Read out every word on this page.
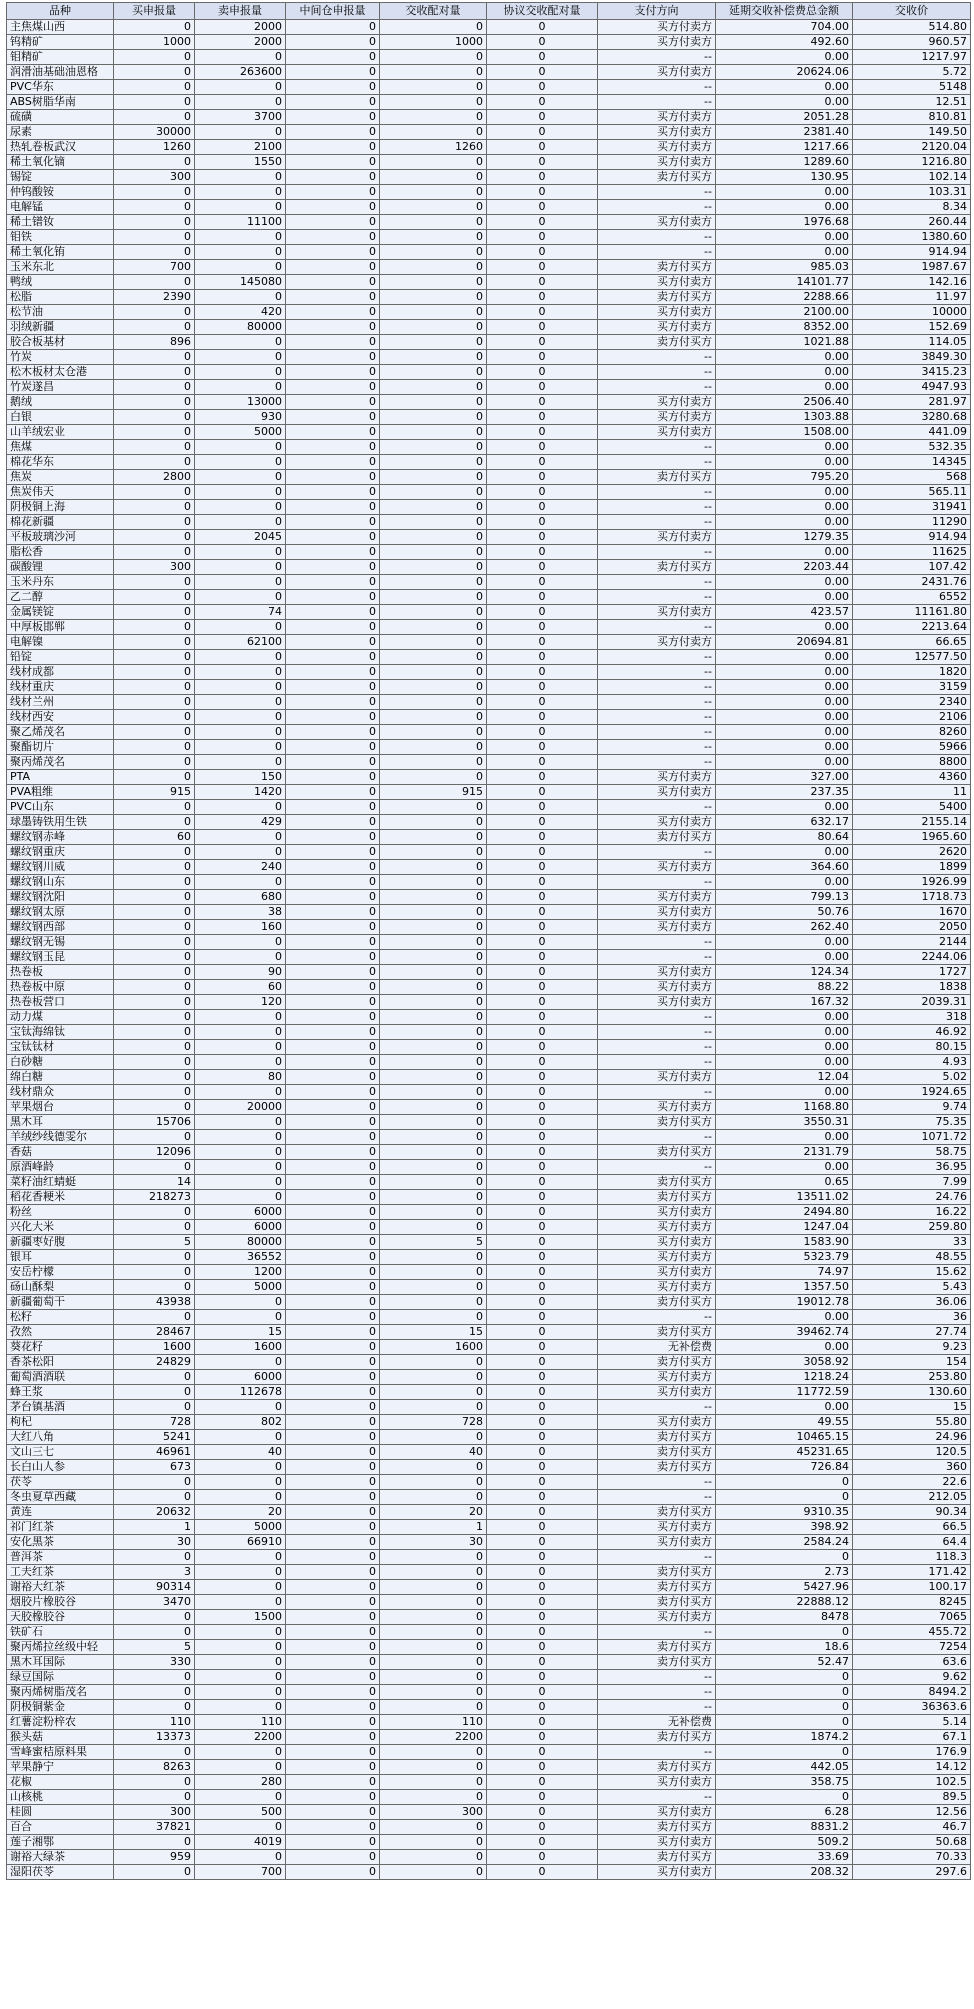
品种	买申报量	卖申报量	中间仓申报量	交收配对量	协议交收配对量	支付方向	延期交收补偿费总金额	交收价
主焦煤山西	0	2000	0	0	0	买方付卖方	704.00	514.80
钨精矿	1000	2000	0	1000	0	买方付卖方	492.60	960.57
钼精矿	0	0	0	0	0	--	0.00	1217.97
润滑油基础油恩格	0	263600	0	0	0	买方付卖方	20624.06	5.72
PVC华东	0	0	0	0	0	--	0.00	5148
ABS树脂华南	0	0	0	0	0	--	0.00	12.51
硫磺	0	3700	0	0	0	买方付卖方	2051.28	810.81
尿素	30000	0	0	0	0	买方付卖方	2381.40	149.50
热轧卷板武汉	1260	2100	0	1260	0	买方付卖方	1217.66	2120.04
稀土氧化镝	0	1550	0	0	0	买方付卖方	1289.60	1216.80
锡锭	300	0	0	0	0	卖方付买方	130.95	102.14
仲钨酸铵	0	0	0	0	0	--	0.00	103.31
电解锰	0	0	0	0	0	--	0.00	8.34
稀土镨钕	0	11100	0	0	0	买方付卖方	1976.68	260.44
钼铁	0	0	0	0	0	--	0.00	1380.60
稀土氧化铕	0	0	0	0	0	--	0.00	914.94
玉米东北	700	0	0	0	0	卖方付买方	985.03	1987.67
鸭绒	0	145080	0	0	0	买方付卖方	14101.77	142.16
松脂	2390	0	0	0	0	卖方付买方	2288.66	11.97
松节油	0	420	0	0	0	买方付卖方	2100.00	10000
羽绒新疆	0	80000	0	0	0	买方付卖方	8352.00	152.69
胶合板基材	896	0	0	0	0	卖方付买方	1021.88	114.05
竹炭	0	0	0	0	0	--	0.00	3849.30
松木板材太仓港	0	0	0	0	0	--	0.00	3415.23
竹炭遂昌	0	0	0	0	0	--	0.00	4947.93
鹅绒	0	13000	0	0	0	买方付卖方	2506.40	281.97
白银	0	930	0	0	0	买方付卖方	1303.88	3280.68
山羊绒宏业	0	5000	0	0	0	买方付卖方	1508.00	441.09
焦煤	0	0	0	0	0	--	0.00	532.35
棉花华东	0	0	0	0	0	--	0.00	14345
焦炭	2800	0	0	0	0	卖方付买方	795.20	568
焦炭伟天	0	0	0	0	0	--	0.00	565.11
阴极铜上海	0	0	0	0	0	--	0.00	31941
棉花新疆	0	0	0	0	0	--	0.00	11290
平板玻璃沙河	0	2045	0	0	0	买方付卖方	1279.35	914.94
脂松香	0	0	0	0	0	--	0.00	11625
碳酸锂	300	0	0	0	0	卖方付买方	2203.44	107.42
玉米丹东	0	0	0	0	0	--	0.00	2431.76
乙二醇	0	0	0	0	0	--	0.00	6552
金属镁锭	0	74	0	0	0	买方付卖方	423.57	11161.80
中厚板邯郸	0	0	0	0	0	--	0.00	2213.64
电解镍	0	62100	0	0	0	买方付卖方	20694.81	66.65
铅锭	0	0	0	0	0	--	0.00	12577.50
线材成都	0	0	0	0	0	--	0.00	1820
线材重庆	0	0	0	0	0	--	0.00	3159
线材兰州	0	0	0	0	0	--	0.00	2340
线材西安	0	0	0	0	0	--	0.00	2106
聚乙烯茂名	0	0	0	0	0	--	0.00	8260
聚酯切片	0	0	0	0	0	--	0.00	5966
聚丙烯茂名	0	0	0	0	0	--	0.00	8800
PTA	0	150	0	0	0	买方付卖方	327.00	4360
PVA粗维	915	1420	0	915	0	买方付卖方	237.35	11
PVC山东	0	0	0	0	0	--	0.00	5400
球墨铸铁用生铁	0	429	0	0	0	买方付卖方	632.17	2155.14
螺纹钢赤峰	60	0	0	0	0	卖方付买方	80.64	1965.60
螺纹钢重庆	0	0	0	0	0	--	0.00	2620
螺纹钢川威	0	240	0	0	0	买方付卖方	364.60	1899
螺纹钢山东	0	0	0	0	0	--	0.00	1926.99
螺纹钢沈阳	0	680	0	0	0	买方付卖方	799.13	1718.73
螺纹钢太原	0	38	0	0	0	买方付卖方	50.76	1670
螺纹钢西部	0	160	0	0	0	买方付卖方	262.40	2050
螺纹钢无锡	0	0	0	0	0	--	0.00	2144
螺纹钢玉昆	0	0	0	0	0	--	0.00	2244.06
热卷板	0	90	0	0	0	买方付卖方	124.34	1727
热卷板中原	0	60	0	0	0	买方付卖方	88.22	1838
热卷板营口	0	120	0	0	0	买方付卖方	167.32	2039.31
动力煤	0	0	0	0	0	--	0.00	318
宝钛海绵钛	0	0	0	0	0	--	0.00	46.92
宝钛钛材	0	0	0	0	0	--	0.00	80.15
白砂糖	0	0	0	0	0	--	0.00	4.93
绵白糖	0	80	0	0	0	买方付卖方	12.04	5.02
线材鼎众	0	0	0	0	0	--	0.00	1924.65
苹果烟台	0	20000	0	0	0	买方付卖方	1168.80	9.74
黑木耳	15706	0	0	0	0	卖方付买方	3550.31	75.35
羊绒纱线德雯尔	0	0	0	0	0	--	0.00	1071.72
香菇	12096	0	0	0	0	卖方付买方	2131.79	58.75
原酒峰龄	0	0	0	0	0	--	0.00	36.95
菜籽油红蜻蜓	14	0	0	0	0	卖方付买方	0.65	7.99
稻花香粳米	218273	0	0	0	0	卖方付买方	13511.02	24.76
粉丝	0	6000	0	0	0	买方付卖方	2494.80	16.22
兴化大米	0	6000	0	0	0	买方付卖方	1247.04	259.80
新疆枣好腹	5	80000	0	5	0	买方付卖方	1583.90	33
银耳	0	36552	0	0	0	买方付卖方	5323.79	48.55
安岳柠檬	0	1200	0	0	0	买方付卖方	74.97	15.62
砀山酥梨	0	5000	0	0	0	买方付卖方	1357.50	5.43
新疆葡萄干	43938	0	0	0	0	卖方付买方	19012.78	36.06
松籽	0	0	0	0	0	--	0.00	36
孜然	28467	15	0	15	0	卖方付买方	39462.74	27.74
葵花籽	1600	1600	0	1600	0	无补偿费	0.00	9.23
香茶松阳	24829	0	0	0	0	卖方付买方	3058.92	154
葡萄酒酒联	0	6000	0	0	0	买方付卖方	1218.24	253.80
蜂王浆	0	112678	0	0	0	买方付卖方	11772.59	130.60
茅台镇基酒	0	0	0	0	0	--	0.00	15
枸杞	728	802	0	728	0	买方付卖方	49.55	55.80
大红八角	5241	0	0	0	0	卖方付买方	10465.15	24.96
文山三七	46961	40	0	40	0	卖方付买方	45231.65	120.5
长白山人参	673	0	0	0	0	卖方付买方	726.84	360
茯苓	0	0	0	0	0	--	0	22.6
冬虫夏草西藏	0	0	0	0	0	--	0	212.05
黄连	20632	20	0	20	0	卖方付买方	9310.35	90.34
祁门红茶	1	5000	0	1	0	买方付卖方	398.92	66.5
安化黑茶	30	66910	0	30	0	买方付卖方	2584.24	64.4
普洱茶	0	0	0	0	0	--	0	118.3
工夫红茶	3	0	0	0	0	卖方付买方	2.73	171.42
谢裕大红茶	90314	0	0	0	0	卖方付买方	5427.96	100.17
烟胶片橡胶谷	3470	0	0	0	0	卖方付买方	22888.12	8245
天胶橡胶谷	0	1500	0	0	0	买方付卖方	8478	7065
铁矿石	0	0	0	0	0	--	0	455.72
聚丙烯拉丝级中轻	5	0	0	0	0	卖方付买方	18.6	7254
黑木耳国际	330	0	0	0	0	卖方付买方	52.47	63.6
绿豆国际	0	0	0	0	0	--	0	9.62
聚丙烯树脂茂名	0	0	0	0	0	--	0	8494.2
阴极铜紫金	0	0	0	0	0	--	0	36363.6
红薯淀粉梓农	110	110	0	110	0	无补偿费	0	5.14
猴头菇	13373	2200	0	2200	0	卖方付买方	1874.2	67.1
雪峰蜜桔原料果	0	0	0	0	0	--	0	176.9
苹果静宁	8263	0	0	0	0	卖方付买方	442.05	14.12
花椒	0	280	0	0	0	买方付卖方	358.75	102.5
山核桃	0	0	0	0	0	--	0	89.5
桂圆	300	500	0	300	0	买方付卖方	6.28	12.56
百合	37821	0	0	0	0	卖方付买方	8831.2	46.7
莲子湘鄂	0	4019	0	0	0	买方付卖方	509.2	50.68
谢裕大绿茶	959	0	0	0	0	卖方付买方	33.69	70.33
湿阳茯苓	0	700	0	0	0	买方付卖方	208.32	297.6
